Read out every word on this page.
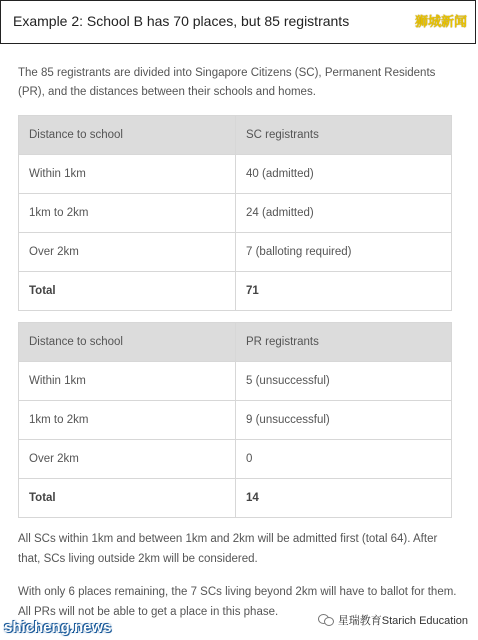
Example 2: School B has 70 places, but 85 registrants	狮城新闻
The 85 registrants are divided into Singapore Citizens (SC), Permanent Residents (PR), and the distances between their schools and homes.
Distance to school	SC registrants
Within 1km	40 (admitted)
1km to 2km	24 (admitted)
Over 2km	7 (balloting required)
Total	71
Distance to school	PR registrants
Within 1km	5 (unsuccessful)
1km to 2km	9 (unsuccessful)
Over 2km	0
Total	14
All SCs within 1km and between 1km and 2km will be admitted first (total 64). After that, SCs living outside 2km will be considered.
With only 6 places remaining, the 7 SCs living beyond 2km will have to ballot for them. All PRs will not be able to get a place in this phase.
shicheng.news	星瑞教育Starich Education
